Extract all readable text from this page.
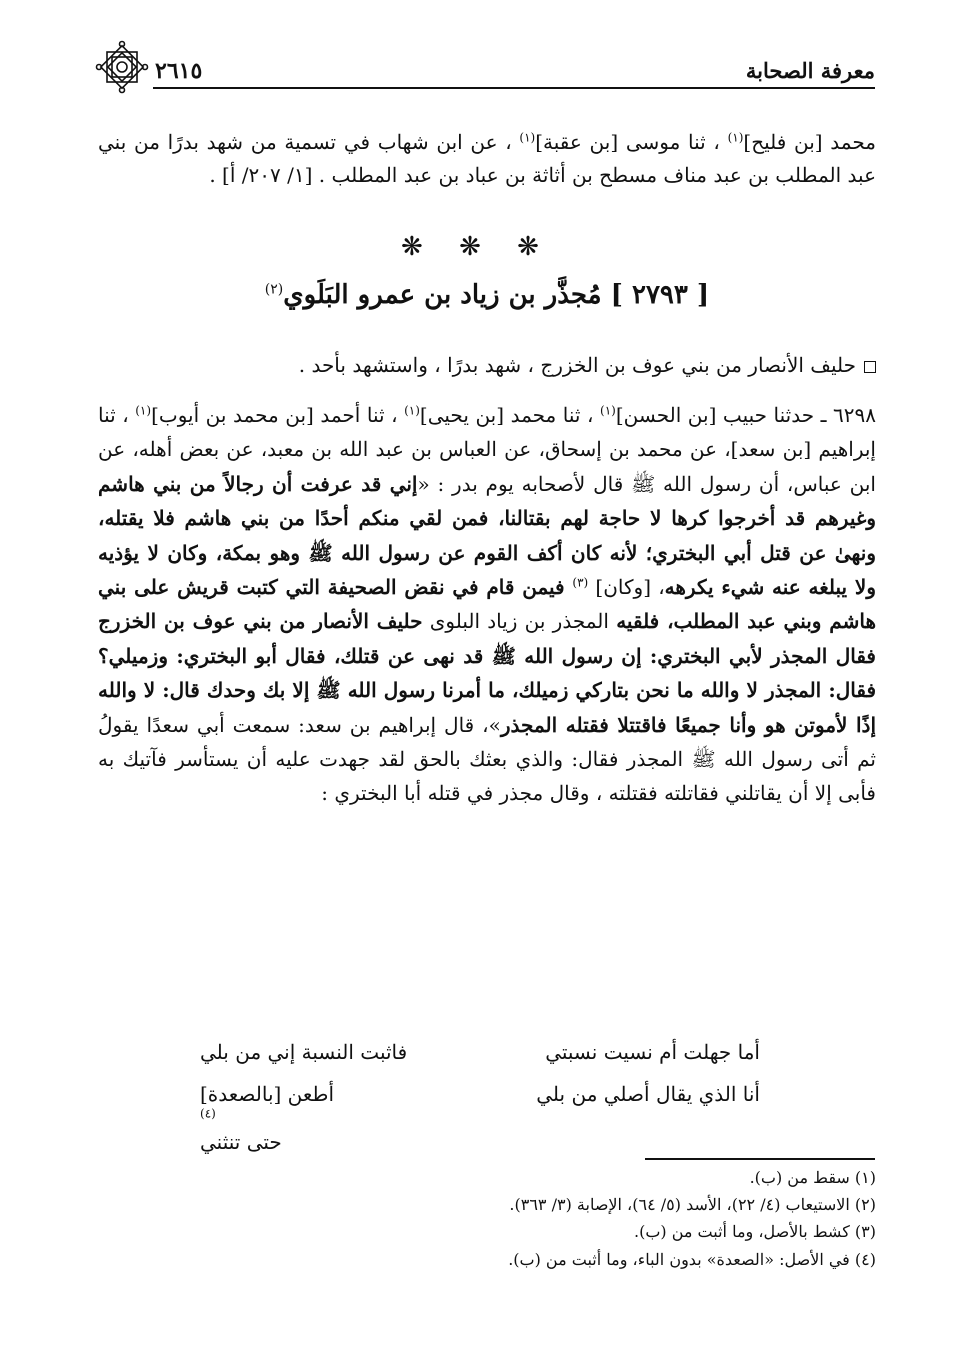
٢٦١٥	معرفة الصحابة
محمد [بن فليح]$^{(١)}$ ، ثنا موسى [بن عقبة]$^{(١)}$ ، عن ابن شهاب في تسمية من شهد بدرًا من بني عبد المطلب بن عبد مناف مسطح بن أثاثة بن عباد بن عبد المطلب . [١/ ٢٠٧/ أ] .
❋ ❋ ❋
[ ٢٧٩٣ ] مُجذَّر بن زياد بن عمرو البَلَوي$^{(٢)}$
حليف الأنصار من بني عوف بن الخزرج ، شهد بدرًا ، واستشهد بأحد .
٦٢٩٨ ـ حدثنا حبيب [بن الحسن]$^{(١)}$ ، ثنا محمد [بن يحيى]$^{(١)}$ ، ثنا أحمد [بن محمد بن أيوب]$^{(١)}$ ، ثنا إبراهيم [بن سعد]، عن محمد بن إسحاق، عن العباس بن عبد الله بن معبد، عن بعض أهله، عن ابن عباس، أن رسول الله ﷺ قال لأصحابه يوم بدر : «إني قد عرفت أن رجالاً من بني هاشم وغيرهم قد أخرجوا كرها لا حاجة لهم بقتالنا، فمن لقي منكم أحدًا من بني هاشم فلا يقتله، ونهىٰ عن قتل أبي البختري؛ لأنه كان أكف القوم عن رسول الله ﷺ وهو بمكة، وكان لا يؤذيه ولا يبلغه عنه شيء يكرهه، [وكان] $^{(٣)}$ فيمن قام في نقض الصحيفة التي كتبت قريش على بني هاشم وبني عبد المطلب، فلقيه المجذر بن زياد البلوى حليف الأنصار من بني عوف بن الخزرج فقال المجذر لأبي البختري: إن رسول الله ﷺ قد نهى عن قتلك، فقال أبو البختري: وزميلي؟ فقال: المجذر لا والله ما نحن بتاركي زميلك، ما أمرنا رسول الله ﷺ إلا بك وحدك قال: لا والله إذًا لأموتن هو وأنا جميعًا فاقتتلا فقتله المجذر»، قال إبراهيم بن سعد: سمعت أبي سعدًا يقولُ ثم أتى رسول الله ﷺ المجذر فقال: والذي بعثك بالحق لقد جهدت عليه أن يستأسر فآتيك به فأبى إلا أن يقاتلني فقاتلته فقتلته ، وقال مجذر في قتله أبا البختري :
أما جهلت أم نسيت نسبتي
فاثبت النسبة إني من بلي
أنا الذي يقال أصلي من بلي
أطعن [بالصعدة]$^{(٤)}$حتى تنثني
(١) سقط من (ب).
(٢) الاستيعاب (٤/ ٢٢)، الأسد (٥/ ٦٤)، الإصابة (٣/ ٣٦٣).
(٣) كشط بالأصل، وما أثبت من (ب).
(٤) في الأصل: «الصعدة» بدون الباء، وما أثبت من (ب).
